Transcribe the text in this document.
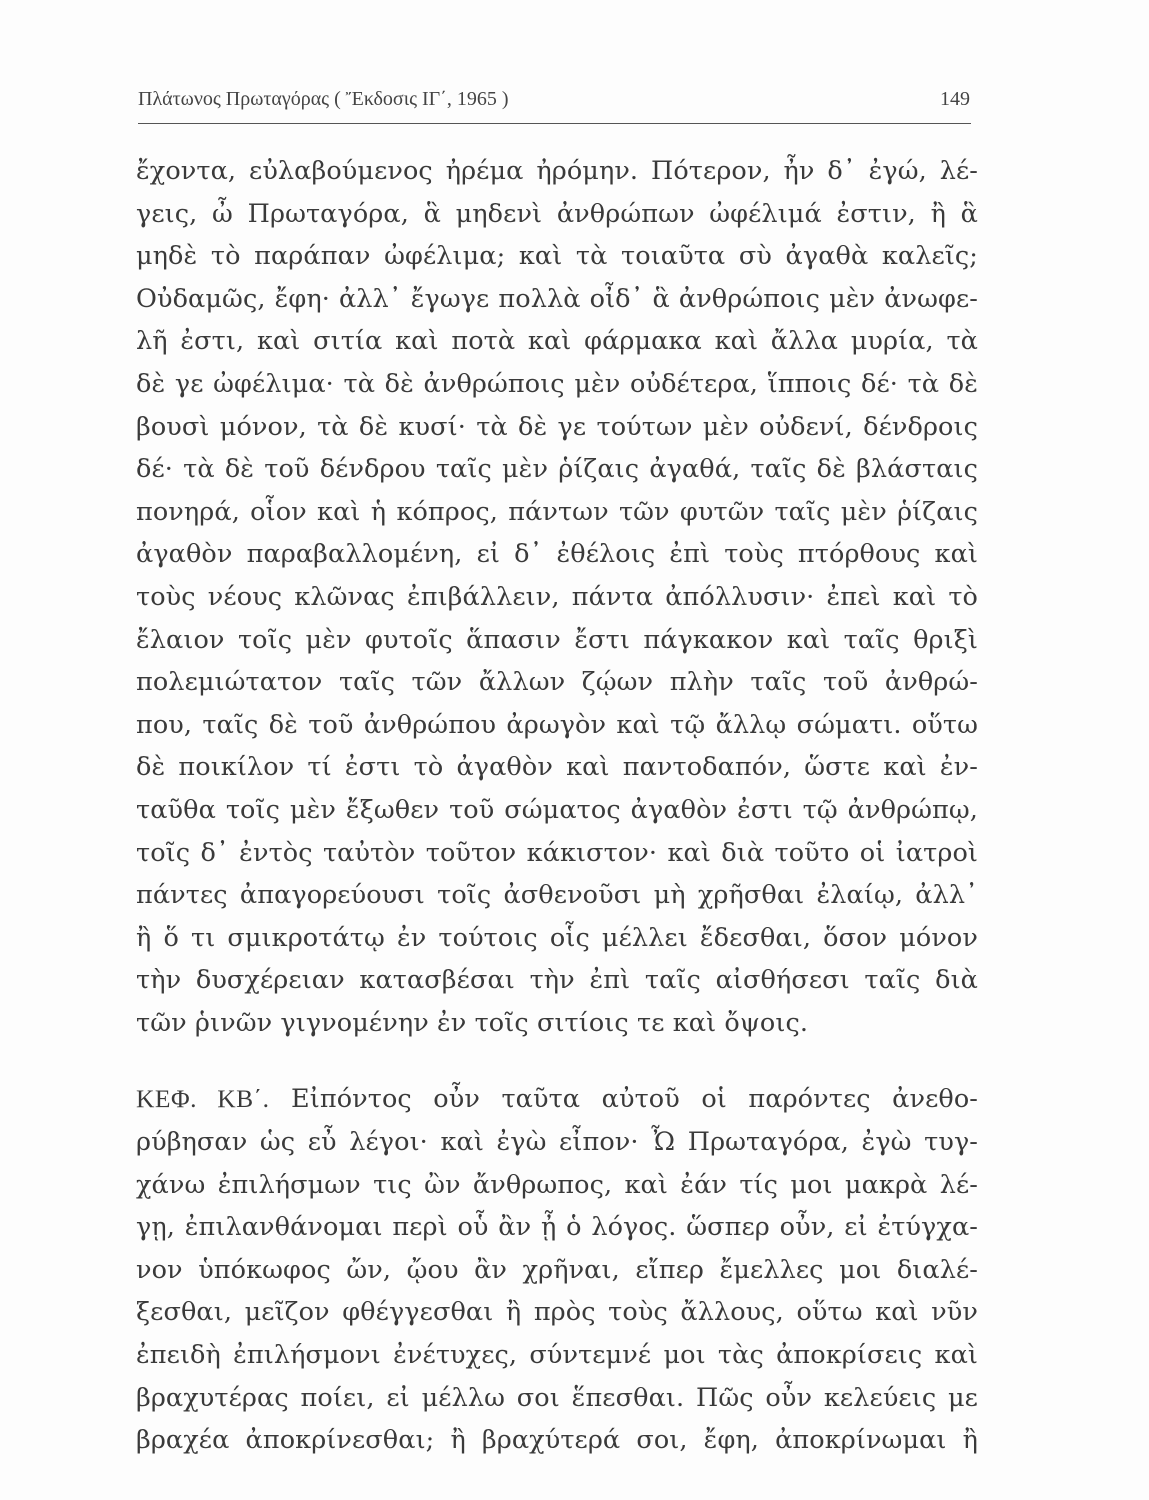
Πλάτωνος Πρωταγόρας ( Ἔκδοσις ΙΓ΄, 1965 )	149
ἔχοντα, εὐλαβούμενος ἠρέμα ἠρόμην. Πότερον, ἦν δ᾽ ἐγώ, λέ-
γεις, ὦ Πρωταγόρα, ἃ μηδενὶ ἀνθρώπων ὠφέλιμά ἐστιν, ἢ ἃ
μηδὲ τὸ παράπαν ὠφέλιμα; καὶ τὰ τοιαῦτα σὺ ἀγαθὰ καλεῖς;
Οὐδαμῶς, ἔφη· ἀλλ᾽ ἔγωγε πολλὰ οἶδ᾽ ἃ ἀνθρώποις μὲν ἀνωφε-
λῆ ἐστι, καὶ σιτία καὶ ποτὰ καὶ φάρμακα καὶ ἄλλα μυρία, τὰ
δὲ γε ὠφέλιμα· τὰ δὲ ἀνθρώποις μὲν οὐδέτερα, ἵπποις δέ· τὰ δὲ
βουσὶ μόνον, τὰ δὲ κυσί· τὰ δὲ γε τούτων μὲν οὐδενί, δένδροις
δέ· τὰ δὲ τοῦ δένδρου ταῖς μὲν ῥίζαις ἀγαθά, ταῖς δὲ βλάσταις
πονηρά, οἷον καὶ ἡ κόπρος, πάντων τῶν φυτῶν ταῖς μὲν ῥίζαις
ἀγαθὸν παραβαλλομένη, εἰ δ᾽ ἐθέλοις ἐπὶ τοὺς πτόρθους καὶ
τοὺς νέους κλῶνας ἐπιβάλλειν, πάντα ἀπόλλυσιν· ἐπεὶ καὶ τὸ
ἔλαιον τοῖς μὲν φυτοῖς ἅπασιν ἔστι πάγκακον καὶ ταῖς θριξὶ
πολεμιώτατον ταῖς τῶν ἄλλων ζῴων πλὴν ταῖς τοῦ ἀνθρώ-
που, ταῖς δὲ τοῦ ἀνθρώπου ἀρωγὸν καὶ τῷ ἄλλῳ σώματι. οὕτω
δὲ ποικίλον τί ἐστι τὸ ἀγαθὸν καὶ παντοδαπόν, ὥστε καὶ ἐν-
ταῦθα τοῖς μὲν ἔξωθεν τοῦ σώματος ἀγαθὸν ἐστι τῷ ἀνθρώπῳ,
τοῖς δ᾽ ἐντὸς ταὐτὸν τοῦτον κάκιστον· καὶ διὰ τοῦτο οἱ ἰατροὶ
πάντες ἀπαγορεύουσι τοῖς ἀσθενοῦσι μὴ χρῆσθαι ἐλαίῳ, ἀλλ᾽
ἢ ὅ τι σμικροτάτῳ ἐν τούτοις οἷς μέλλει ἔδεσθαι, ὅσον μόνον
τὴν δυσχέρειαν κατασβέσαι τὴν ἐπὶ ταῖς αἰσθήσεσι ταῖς διὰ
τῶν ῥινῶν γιγνομένην ἐν τοῖς σιτίοις τε καὶ ὄψοις.
ΚΕΦ. ΚΒ΄. Εἰπόντος οὖν ταῦτα αὐτοῦ οἱ παρόντες ἀνεθο-
ρύβησαν ὡς εὖ λέγοι· καὶ ἐγὼ εἶπον· Ὦ Πρωταγόρα, ἐγὼ τυγ-
χάνω ἐπιλήσμων τις ὢν ἄνθρωπος, καὶ ἐάν τίς μοι μακρὰ λέ-
γῃ, ἐπιλανθάνομαι περὶ οὗ ἂν ᾖ ὁ λόγος. ὥσπερ οὖν, εἰ ἐτύγχα-
νον ὑπόκωφος ὤν, ᾤου ἂν χρῆναι, εἴπερ ἔμελλες μοι διαλέ-
ξεσθαι, μεῖζον φθέγγεσθαι ἢ πρὸς τοὺς ἄλλους, οὕτω καὶ νῦν
ἐπειδὴ ἐπιλήσμονι ἐνέτυχες, σύντεμνέ μοι τὰς ἀποκρίσεις καὶ
βραχυτέρας ποίει, εἰ μέλλω σοι ἕπεσθαι. Πῶς οὖν κελεύεις με
βραχέα ἀποκρίνεσθαι; ἢ βραχύτερά σοι, ἔφη, ἀποκρίνωμαι ἢ
